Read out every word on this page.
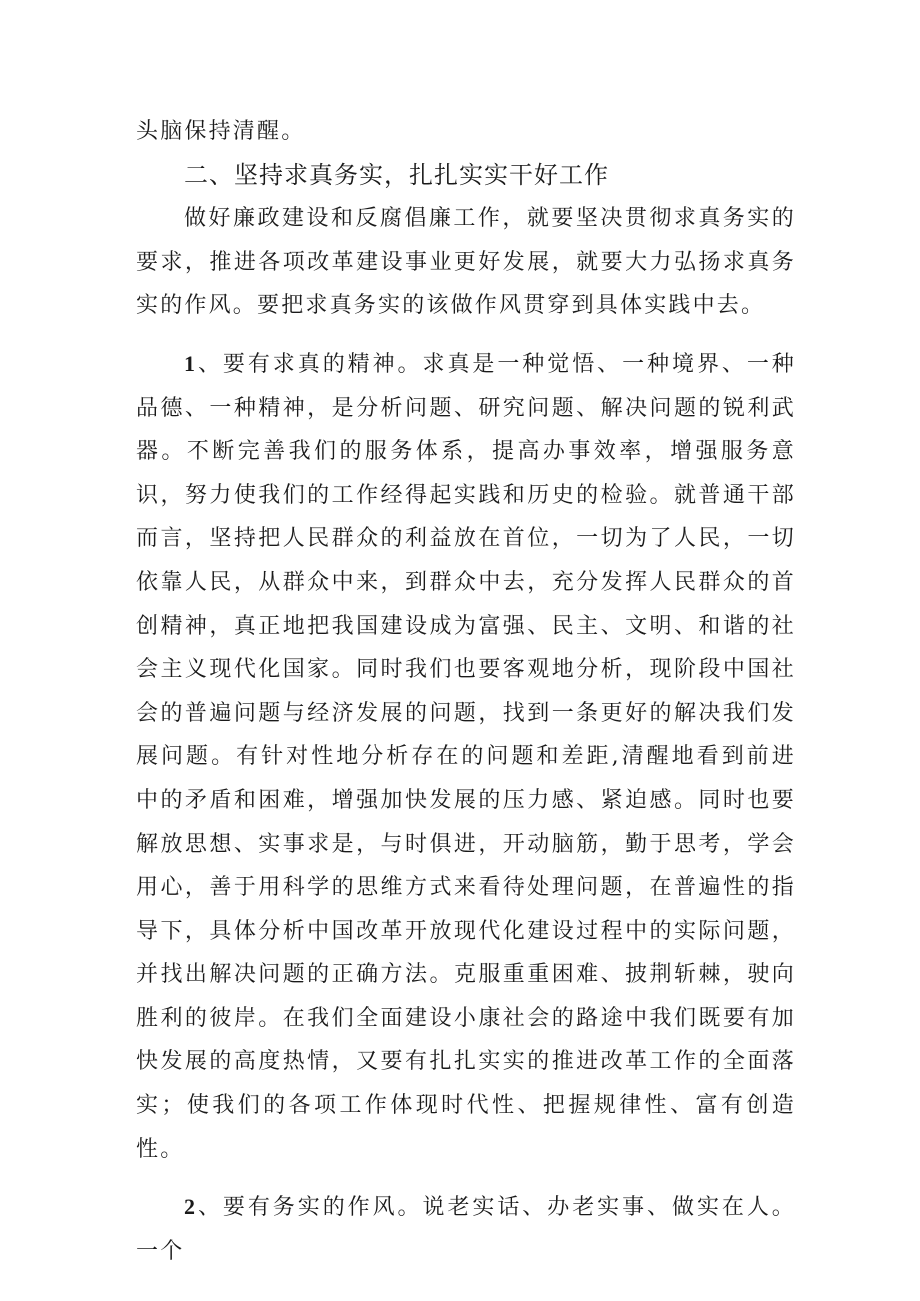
头脑保持清醒。

二、坚持求真务实，扎扎实实干好工作

做好廉政建设和反腐倡廉工作，就要坚决贯彻求真务实的要求，推进各项改革建设事业更好发展，就要大力弘扬求真务实的作风。要把求真务实的该做作风贯穿到具体实践中去。

1、要有求真的精神。求真是一种觉悟、一种境界、一种品德、一种精神，是分析问题、研究问题、解决问题的锐利武器。不断完善我们的服务体系，提高办事效率，增强服务意识，努力使我们的工作经得起实践和历史的检验。就普通干部而言，坚持把人民群众的利益放在首位，一切为了人民，一切依靠人民，从群众中来，到群众中去，充分发挥人民群众的首创精神，真正地把我国建设成为富强、民主、文明、和谐的社会主义现代化国家。同时我们也要客观地分析，现阶段中国社会的普遍问题与经济发展的问题，找到一条更好的解决我们发展问题。有针对性地分析存在的问题和差距,清醒地看到前进中的矛盾和困难，增强加快发展的压力感、紧迫感。同时也要解放思想、实事求是，与时俱进，开动脑筋，勤于思考，学会用心，善于用科学的思维方式来看待处理问题，在普遍性的指导下，具体分析中国改革开放现代化建设过程中的实际问题，并找出解决问题的正确方法。克服重重困难、披荆斩棘，驶向胜利的彼岸。在我们全面建设小康社会的路途中我们既要有加快发展的高度热情，又要有扎扎实实的推进改革工作的全面落实；使我们的各项工作体现时代性、把握规律性、富有创造性。

2、要有务实的作风。说老实话、办老实事、做实在人。一个
